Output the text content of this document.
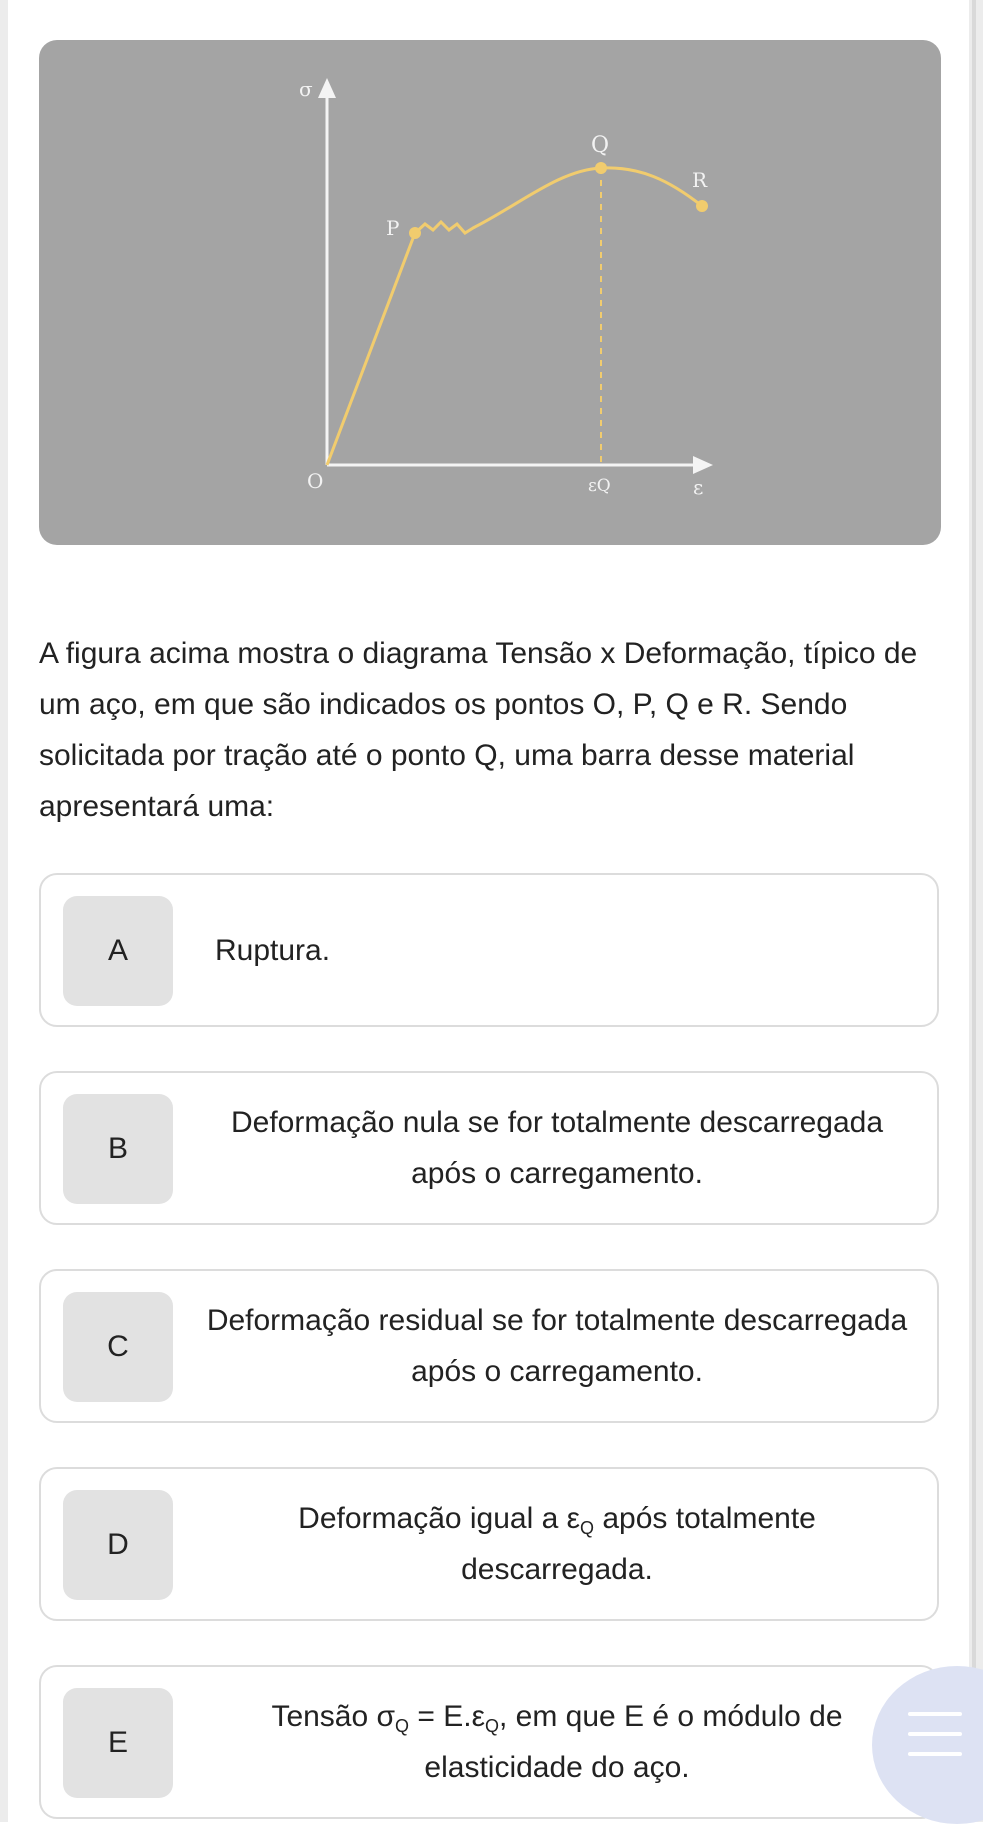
σ
O
P
Q
R
εQ	ε
A figura acima mostra o diagrama Tensão x Deformação, típico de um aço, em que são indicados os pontos O, P, Q e R. Sendo solicitada por tração até o ponto Q, uma barra desse material apresentará uma:
A	Ruptura.
B
Deformação nula se for totalmente descarregada após o carregamento.
C
Deformação residual se for totalmente descarregada após o carregamento.
D
Deformação igual a $\varepsilon_Q$ após totalmente descarregada.
E
Tensão $\sigma_Q = E.\varepsilon_Q$, em que E é o módulo de elasticidade do aço.
